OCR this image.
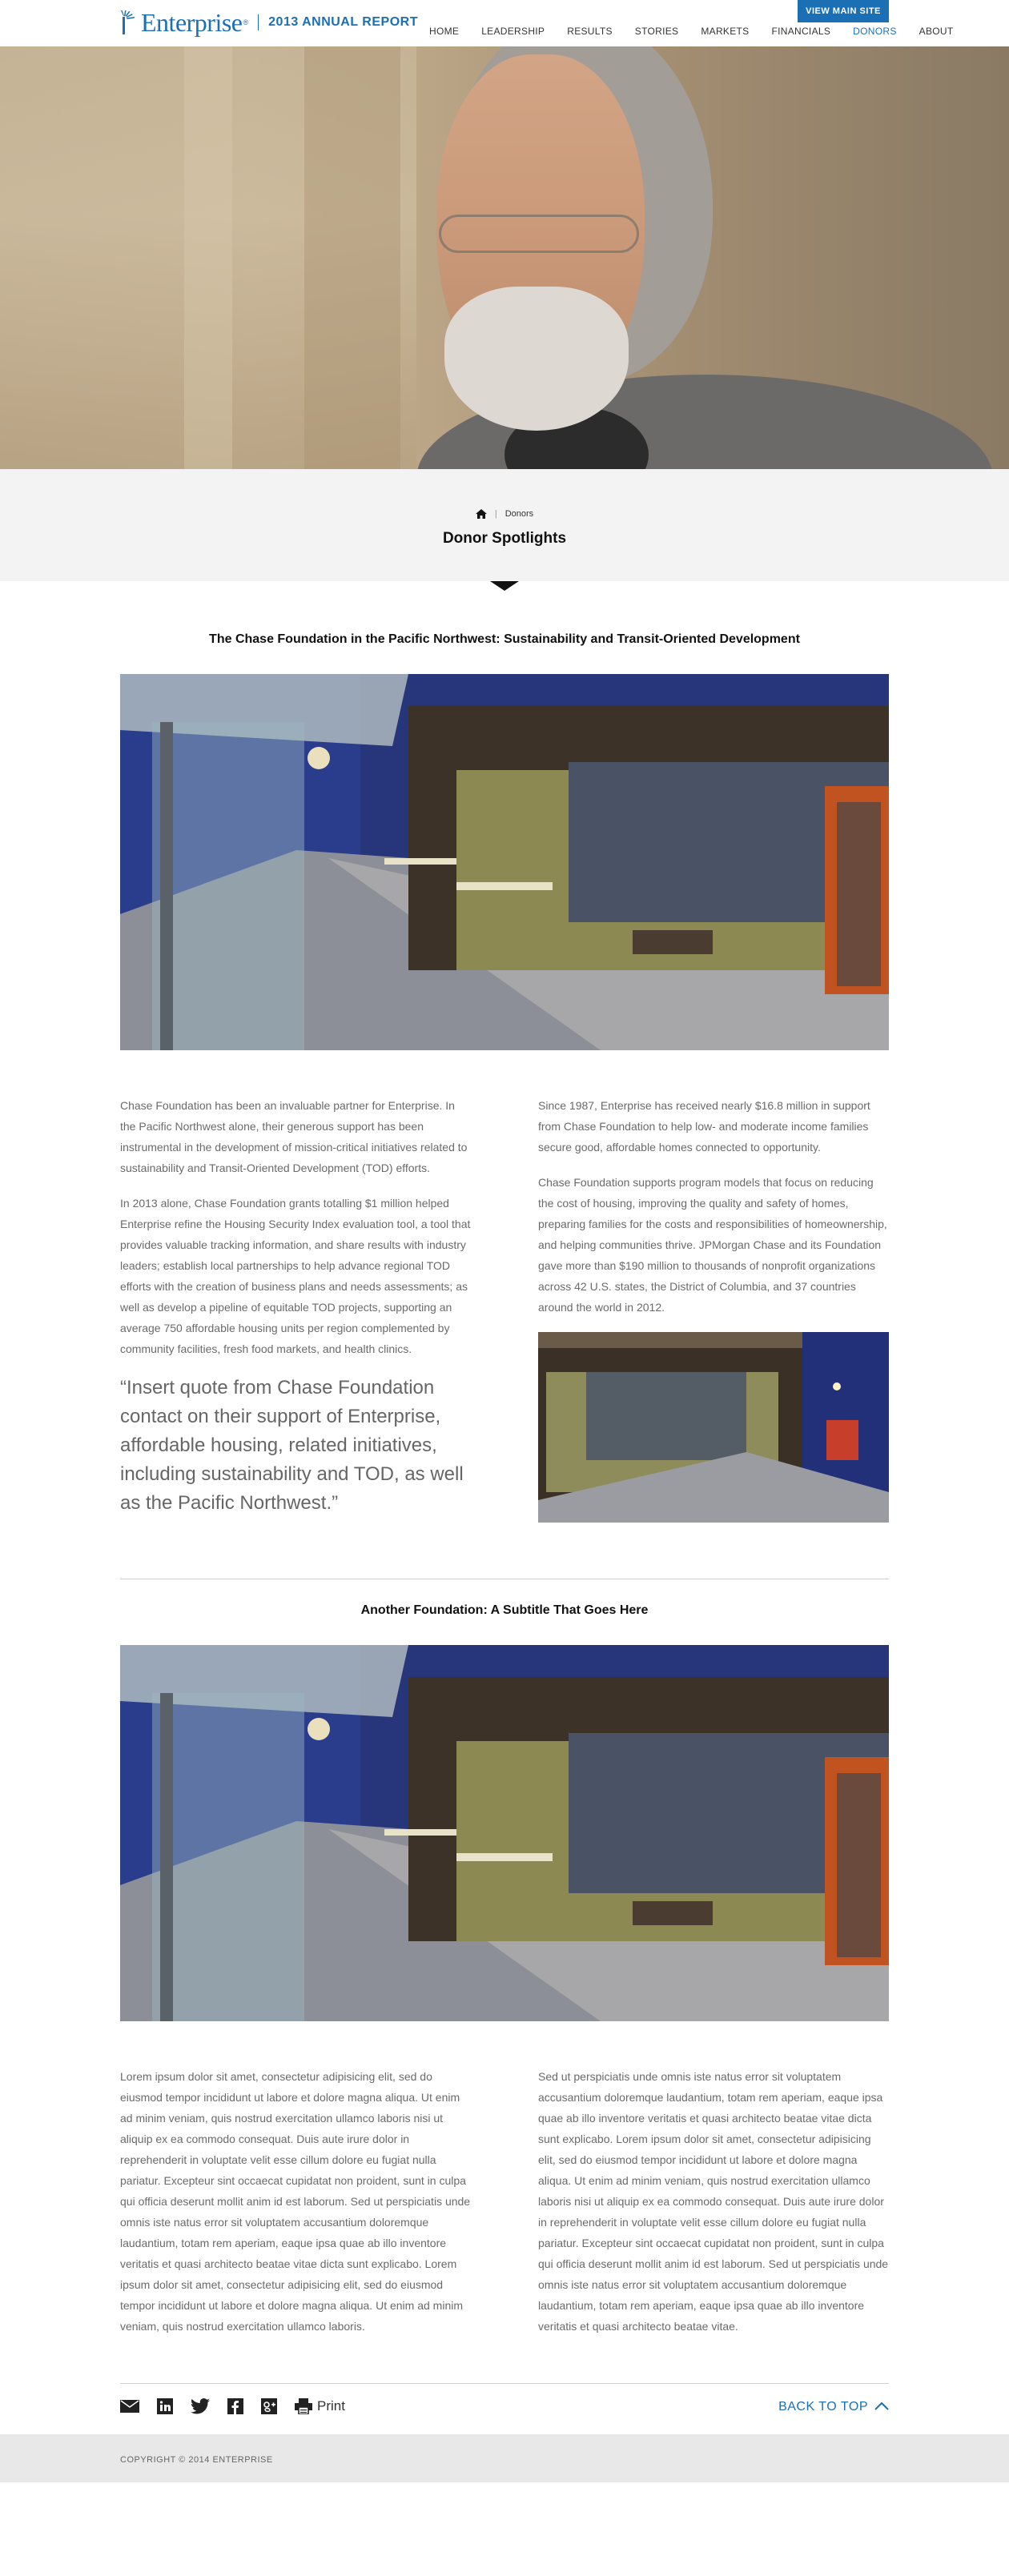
Enterprise ® 2013 ANNUAL REPORT
VIEW MAIN SITE
HOME LEADERSHIP RESULTS STORIES MARKETS FINANCIALS DONORS ABOUT
| Donors
Donor Spotlights
The Chase Foundation in the Pacific Northwest: Sustainability and Transit-Oriented Development

Chase Foundation has been an invaluable partner for Enterprise. In the Pacific Northwest alone, their generous support has been instrumental in the development of mission-critical initiatives related to sustainability and Transit-Oriented Development (TOD) efforts.

In 2013 alone, Chase Foundation grants totalling $1 million helped Enterprise refine the Housing Security Index evaluation tool, a tool that provides valuable tracking information, and share results with industry leaders; establish local partnerships to help advance regional TOD efforts with the creation of business plans and needs assessments; as well as develop a pipeline of equitable TOD projects, supporting an average 750 affordable housing units per region complemented by community facilities, fresh food markets, and health clinics.

“Insert quote from Chase Foundation contact on their support of Enterprise, affordable housing, related initiatives, including sustainability and TOD, as well as the Pacific Northwest.”

Since 1987, Enterprise has received nearly $16.8 million in support from Chase Foundation to help low- and moderate income families secure good, affordable homes connected to opportunity.

Chase Foundation supports program models that focus on reducing the cost of housing, improving the quality and safety of homes, preparing families for the costs and responsibilities of homeownership, and helping communities thrive. JPMorgan Chase and its Foundation gave more than $190 million to thousands of nonprofit organizations across 42 U.S. states, the District of Columbia, and 37 countries around the world in 2012.

Another Foundation: A Subtitle That Goes Here

Lorem ipsum dolor sit amet, consectetur adipisicing elit, sed do eiusmod tempor incididunt ut labore et dolore magna aliqua. Ut enim ad minim veniam, quis nostrud exercitation ullamco laboris nisi ut aliquip ex ea commodo consequat. Duis aute irure dolor in reprehenderit in voluptate velit esse cillum dolore eu fugiat nulla pariatur. Excepteur sint occaecat cupidatat non proident, sunt in culpa qui officia deserunt mollit anim id est laborum. Sed ut perspiciatis unde omnis iste natus error sit voluptatem accusantium doloremque laudantium, totam rem aperiam, eaque ipsa quae ab illo inventore veritatis et quasi architecto beatae vitae dicta sunt explicabo. Lorem ipsum dolor sit amet, consectetur adipisicing elit, sed do eiusmod tempor incididunt ut labore et dolore magna aliqua. Ut enim ad minim veniam, quis nostrud exercitation ullamco laboris.

Sed ut perspiciatis unde omnis iste natus error sit voluptatem accusantium doloremque laudantium, totam rem aperiam, eaque ipsa quae ab illo inventore veritatis et quasi architecto beatae vitae dicta sunt explicabo. Lorem ipsum dolor sit amet, consectetur adipisicing elit, sed do eiusmod tempor incididunt ut labore et dolore magna aliqua. Ut enim ad minim veniam, quis nostrud exercitation ullamco laboris nisi ut aliquip ex ea commodo consequat. Duis aute irure dolor in reprehenderit in voluptate velit esse cillum dolore eu fugiat nulla pariatur. Excepteur sint occaecat cupidatat non proident, sunt in culpa qui officia deserunt mollit anim id est laborum. Sed ut perspiciatis unde omnis iste natus error sit voluptatem accusantium doloremque laudantium, totam rem aperiam, eaque ipsa quae ab illo inventore veritatis et quasi architecto beatae vitae.

Print	BACK TO TOP
COPYRIGHT © 2014 ENTERPRISE
